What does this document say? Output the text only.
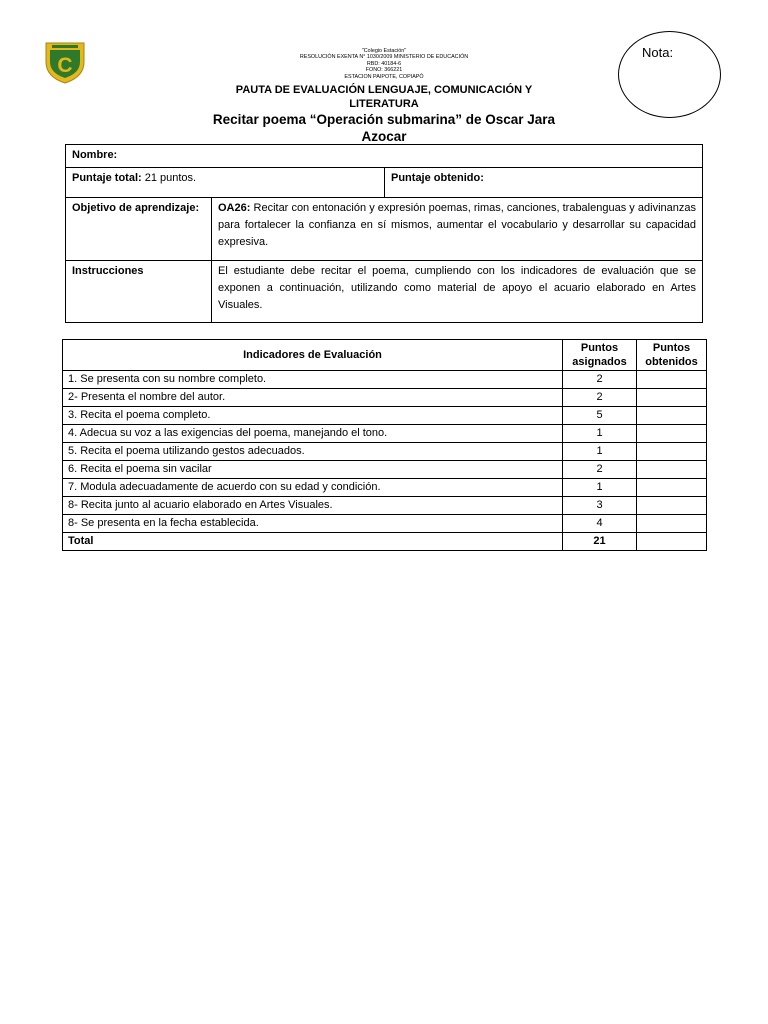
C
"Colegio Estación"
RESOLUCIÓN EXENTA N° 1030/2009 MINISTERIO DE EDUCACIÓN
RBD: 40184-6
FONO: 366221
ESTACION PAIPOTE, COPIAPÓ
PAUTA DE EVALUACIÓN LENGUAJE, COMUNICACIÓN Y LITERATURA
Recitar poema “Operación submarina” de Oscar Jara Azocar
Nota:
Nombre:		
Puntaje total: 21 puntos.		Puntaje obtenido:
Objetivo de aprendizaje:	OA26: Recitar con entonación y expresión poemas, rimas, canciones, trabalenguas y adivinanzas para fortalecer la confianza en sí mismos, aumentar el vocabulario y desarrollar su capacidad expresiva.	
Instrucciones	El estudiante debe recitar el poema, cumpliendo con los indicadores de evaluación que se exponen a continuación, utilizando como material de apoyo el acuario elaborado en Artes Visuales.	
Indicadores de Evaluación	Puntos asignados	Puntos obtenidos
1. Se presenta con su nombre completo.	2	
2- Presenta el nombre del autor.	2	
3. Recita el poema completo.	5	
4. Adecua su voz a las exigencias del poema, manejando el tono.	1	
5. Recita el poema utilizando gestos adecuados.	1	
6. Recita el poema sin vacilar	2	
7. Modula adecuadamente de acuerdo con su edad y condición.	1	
8- Recita junto al acuario elaborado en Artes Visuales.	3	
8- Se presenta en la fecha establecida.	4	
Total	21	
